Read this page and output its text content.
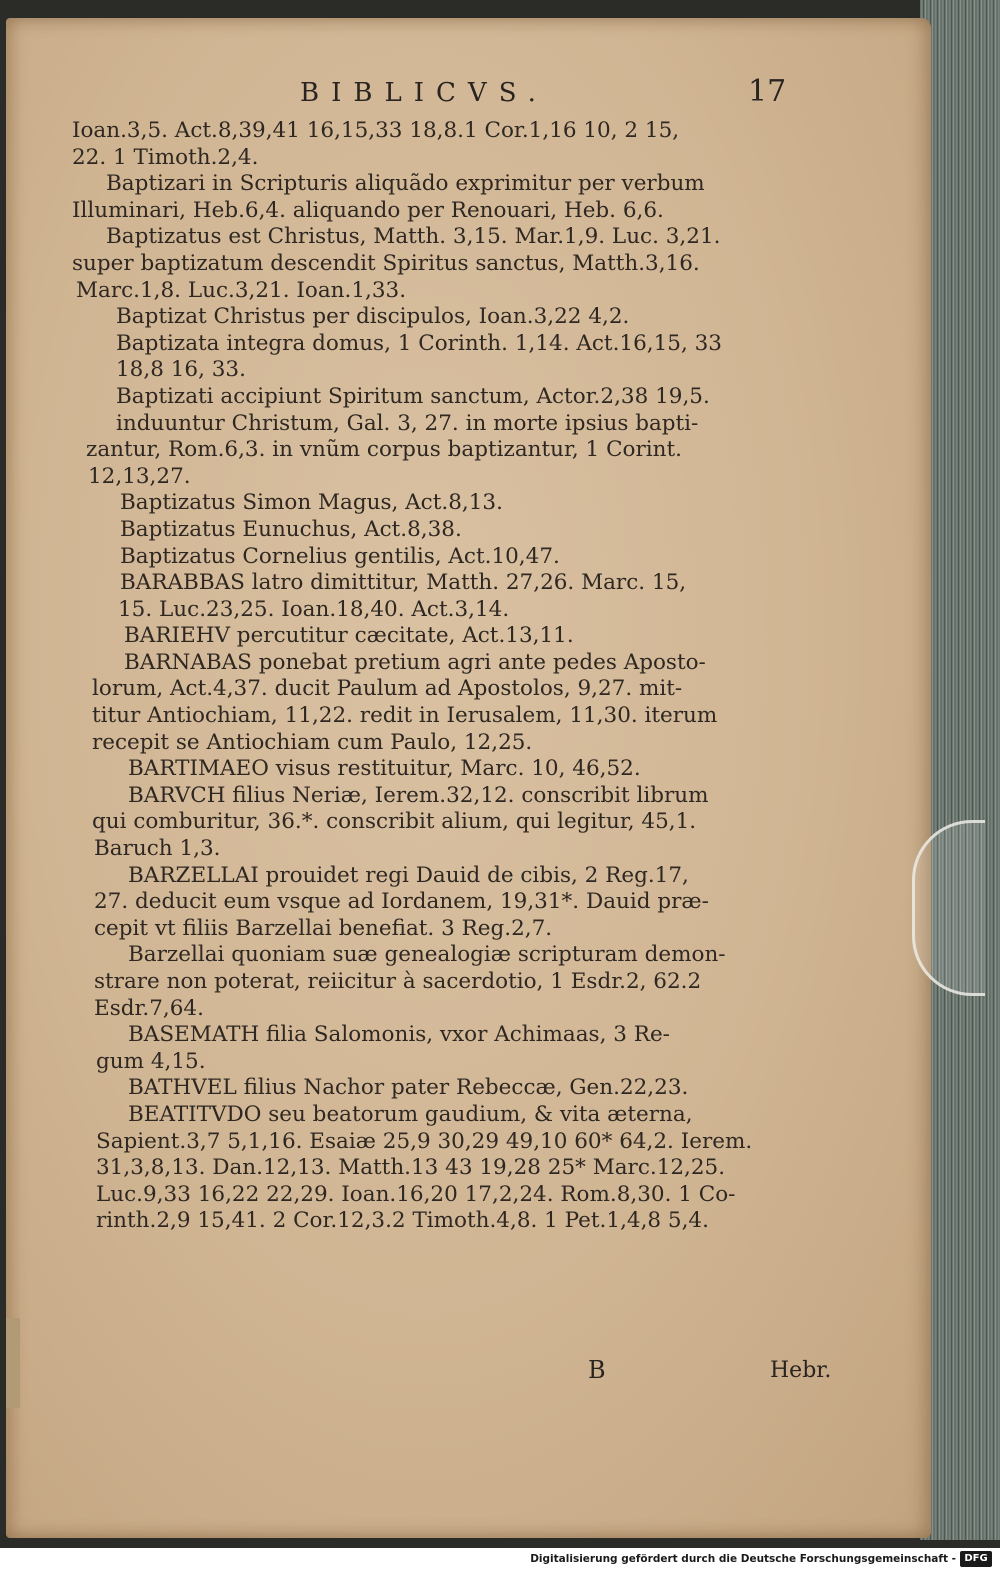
BIBLICVS.	17
Ioan.3,5. Act.8,39,41 16,15,33 18,8.1 Cor.1,16 10, 2 15,
22. 1 Timoth.2,4.
Baptizari in Scripturis aliquãdo exprimitur per verbum
Illuminari, Heb.6,4. aliquando per Renouari, Heb. 6,6.
Baptizatus est Christus, Matth. 3,15. Mar.1,9. Luc. 3,21.
super baptizatum descendit Spiritus sanctus, Matth.3,16.
Marc.1,8. Luc.3,21. Ioan.1,33.
Baptizat Christus per discipulos, Ioan.3,22 4,2.
Baptizata integra domus, 1 Corinth. 1,14. Act.16,15, 33
18,8 16, 33.
Baptizati accipiunt Spiritum sanctum, Actor.2,38 19,5.
induuntur Christum, Gal. 3, 27. in morte ipsius bapti-
zantur, Rom.6,3. in vnũm corpus baptizantur, 1 Corint.
12,13,27.
Baptizatus Simon Magus, Act.8,13.
Baptizatus Eunuchus, Act.8,38.
Baptizatus Cornelius gentilis, Act.10,47.
BARABBAS latro dimittitur, Matth. 27,26. Marc. 15,
15. Luc.23,25. Ioan.18,40. Act.3,14.
BARIEHV percutitur cæcitate, Act.13,11.
BARNABAS ponebat pretium agri ante pedes Aposto-
lorum, Act.4,37. ducit Paulum ad Apostolos, 9,27. mit-
titur Antiochiam, 11,22. redit in Ierusalem, 11,30. iterum
recepit se Antiochiam cum Paulo, 12,25.
BARTIMAEO visus restituitur, Marc. 10, 46,52.
BARVCH filius Neriæ, Ierem.32,12. conscribit librum
qui comburitur, 36.*. conscribit alium, qui legitur, 45,1.
Baruch 1,3.
BARZELLAI prouidet regi Dauid de cibis, 2 Reg.17,
27. deducit eum vsque ad Iordanem, 19,31*. Dauid præ-
cepit vt filiis Barzellai benefiat. 3 Reg.2,7.
Barzellai quoniam suæ genealogiæ scripturam demon-
strare non poterat, reiicitur à sacerdotio, 1 Esdr.2, 62.2
Esdr.7,64.
BASEMATH filia Salomonis, vxor Achimaas, 3 Re-
gum 4,15.
BATHVEL filius Nachor pater Rebeccæ, Gen.22,23.
BEATITVDO seu beatorum gaudium, & vita æterna,
Sapient.3,7 5,1,16. Esaiæ 25,9 30,29 49,10 60* 64,2. Ierem.
31,3,8,13. Dan.12,13. Matth.13 43 19,28 25* Marc.12,25.
Luc.9,33 16,22 22,29. Ioan.16,20 17,2,24. Rom.8,30. 1 Co-
rinth.2,9 15,41. 2 Cor.12,3.2 Timoth.4,8. 1 Pet.1,4,8 5,4.
B	Hebr.
Digitalisierung gefördert durch die Deutsche Forschungsgemeinschaft - DFG
